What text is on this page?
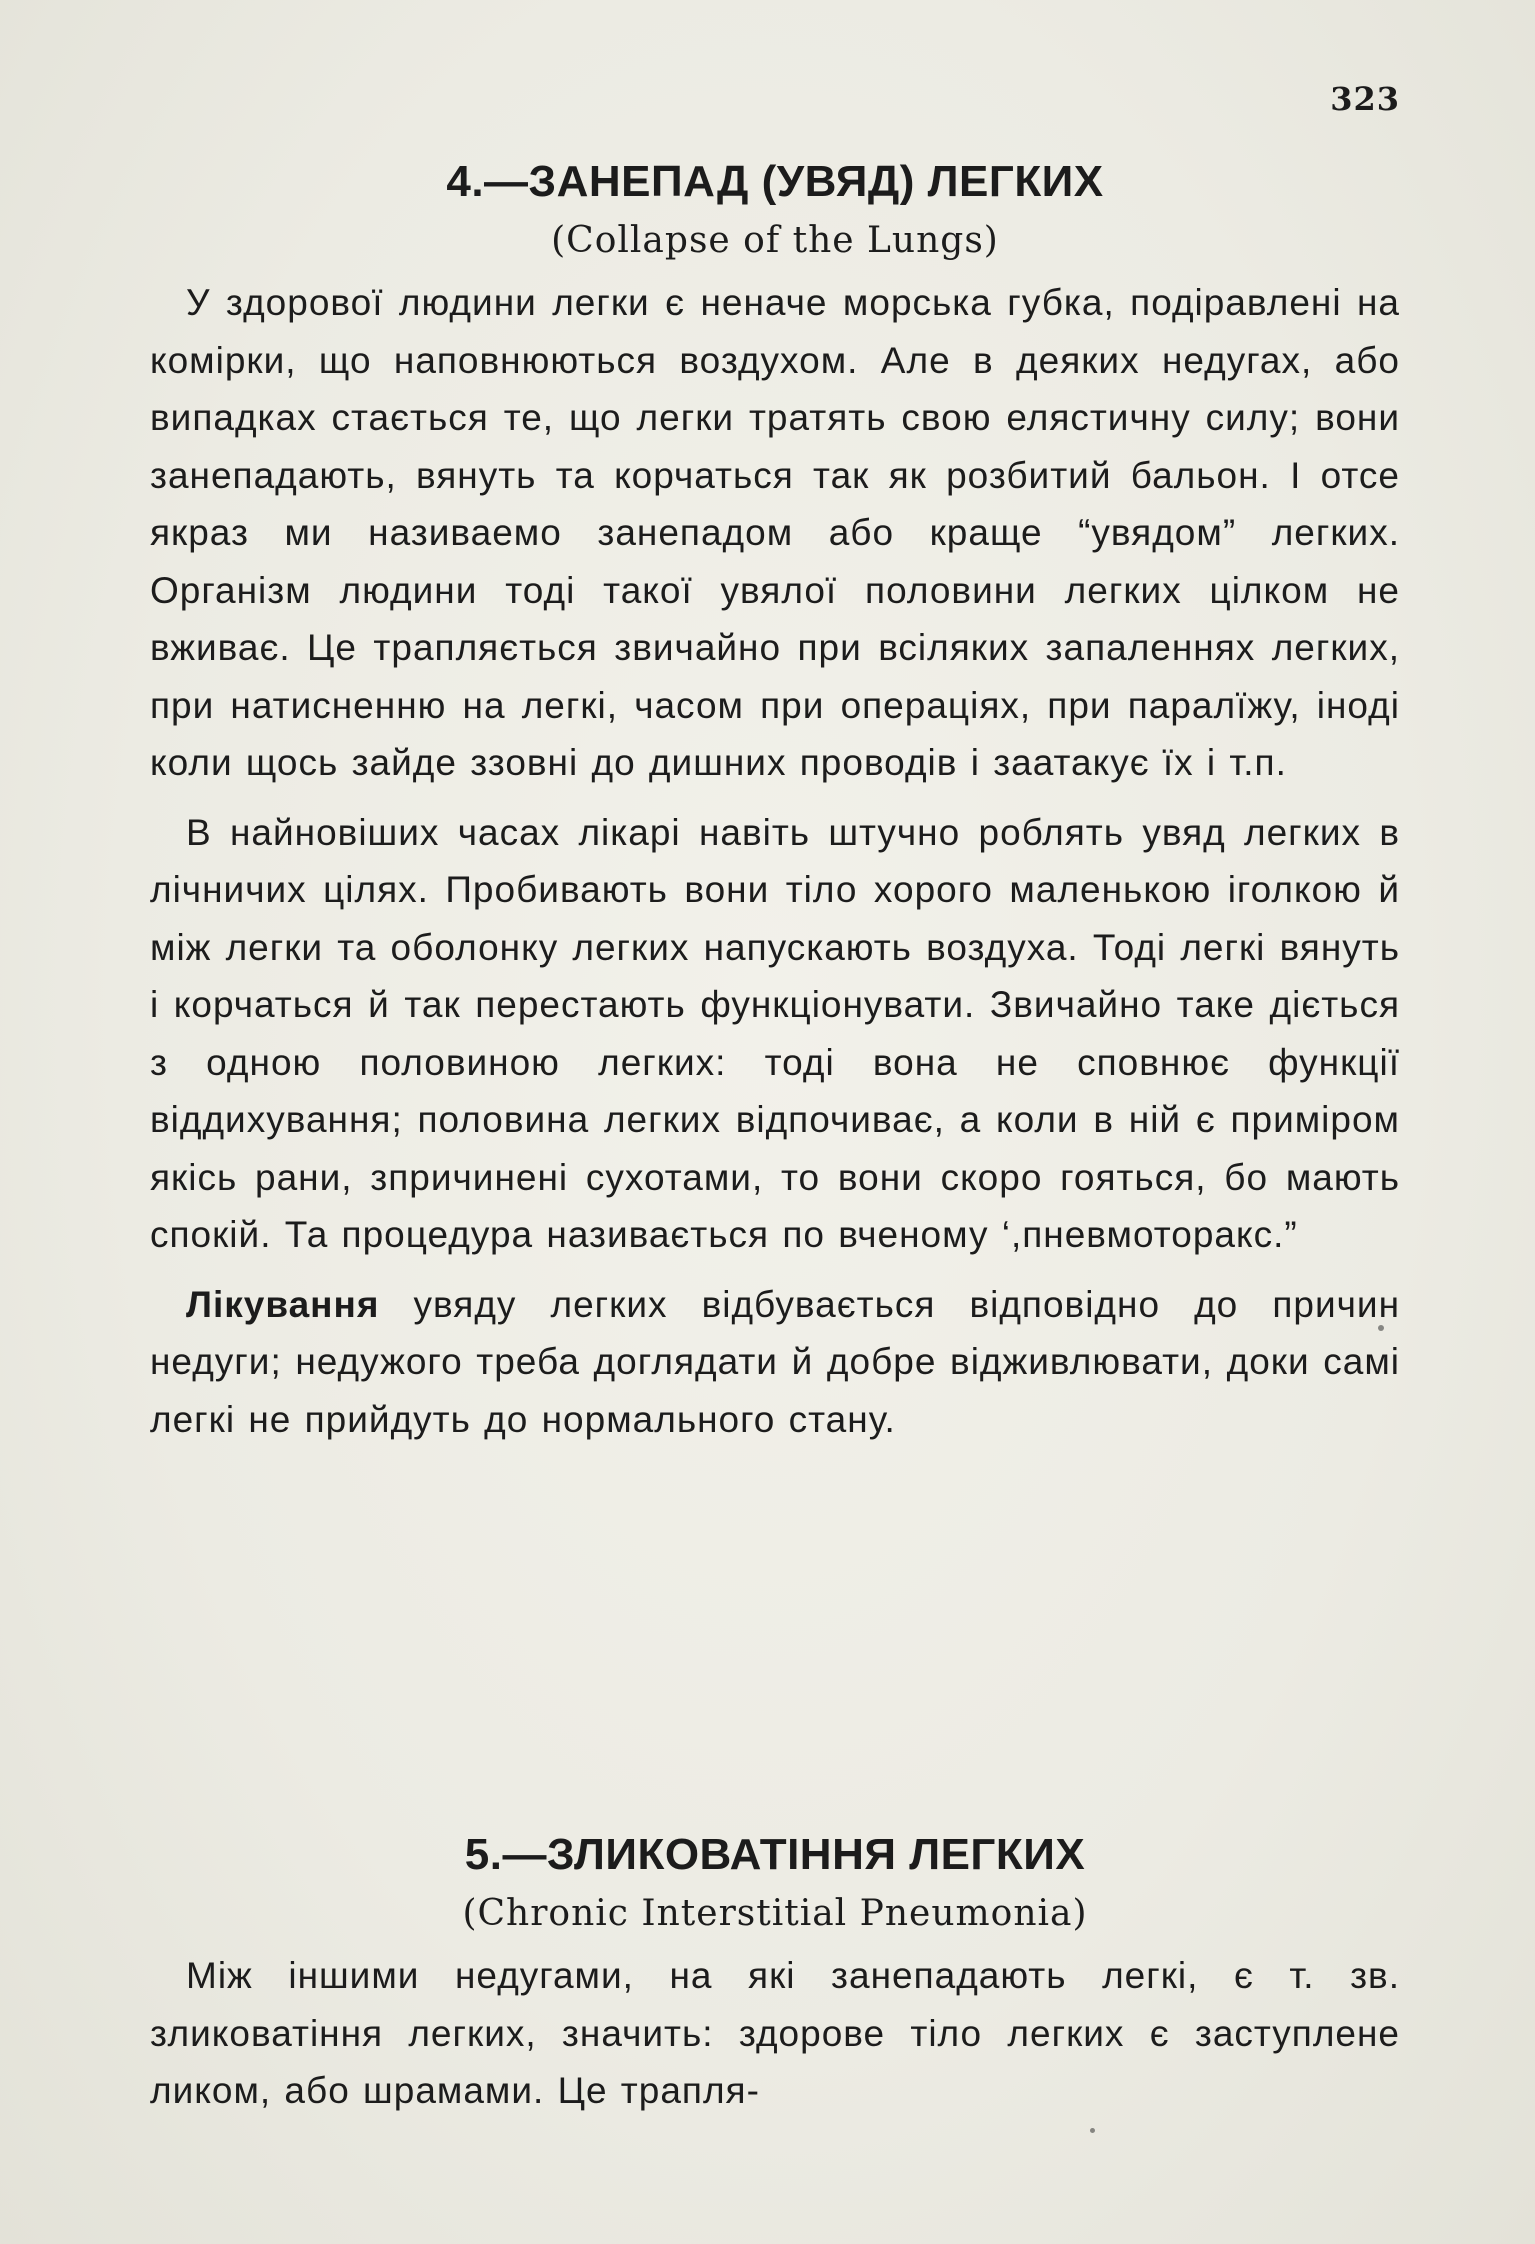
323
4.—ЗАНЕПАД (УВЯД) ЛЕГКИХ

(Collapse of the Lungs)

У здорової людини легки є неначе морська губка, подіравлені на комірки, що наповнюються воздухом. Але в деяких недугах, або випадках стається те, що легки тратять свою елястичну силу; вони занепадають, вянуть та корчаться так як розбитий бальон. І отсе якраз ми називаемо занепадом або краще “увядом” легких. Організм людини тоді такої увялої половини легких цілком не вживає. Це трапляється звичайно при всіляких запаленнях легких, при натисненню на легкі, часом при операціях, при паралїжу, іноді коли щось зайде ззовні до дишних проводів і заатакує їх і т.п.

В найновіших часах лікарі навіть штучно роблять увяд легких в лічничих цілях. Пробивають вони тіло хорого маленькою іголкою й між легки та оболонку легких напускають воздуха. Тоді легкі вянуть і корчаться й так перестають функціонувати. Звичайно таке діється з одною половиною легких: тоді вона не сповнює функції віддихування; половина легких відпочиває, а коли в ній є приміром якісь рани, зпричинені сухотами, то вони скоро гояться, бо мають спокій. Та процедура називається по вченому ‘,пневмоторакс.”

Лікування увяду легких відбувається відповідно до причин недуги; недужого треба доглядати й добре відживлювати, доки самі легкі не прийдуть до нормального стану.

5.—ЗЛИКОВАТІННЯ ЛЕГКИХ

(Chronic Interstitial Pneumonia)

Між іншими недугами, на які занепадають легкі, є т. зв. зликоватіння легких, значить: здорове тіло легких є заступлене ликом, або шрамами. Це трапля-
